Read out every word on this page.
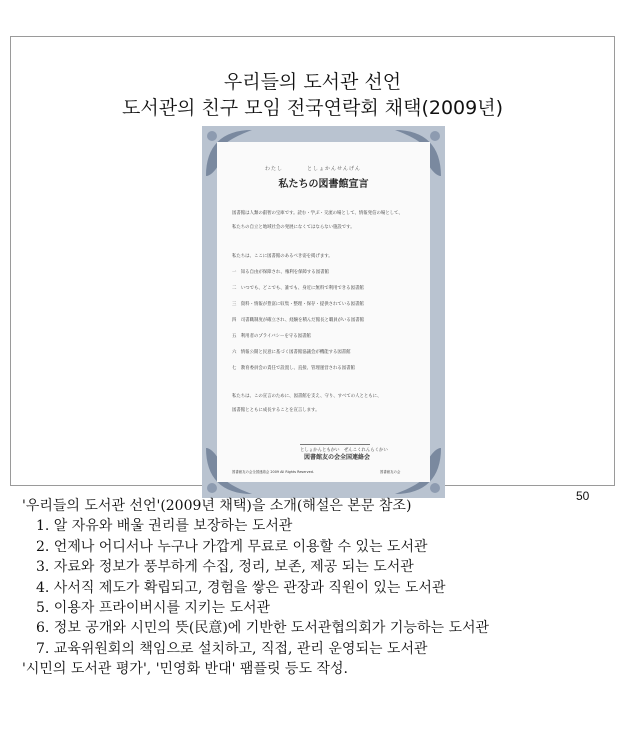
우리들의 도서관 선언
도서관의 친구 모임 전국연락회 채택(2009년)
わたし　　　　としょかんせんげん
私たちの図書館宣言
図書館は人類の叡智の宝庫です。読む・学ぶ・交流の場として、情報発信の場として、
私たちの自立と地域社会の発展になくてはならない施設です。
私たちは、ここに図書館のあるべき姿を掲げます。
一　知る自由が保障され、権利を保障する図書館
二　いつでも、どこでも、誰でも、身近に無料で利用できる図書館
三　資料・情報が豊富に収集・整理・保存・提供されている図書館
四　司書職制度が確立され、経験を積んだ館長と職員がいる図書館
五　利用者のプライバシーを守る図書館
六　情報公開と民意に基づく図書館協議会が機能する図書館
七　教育委員会の責任で設置し、直接、管理運営される図書館
私たちは、この宣言のために、図書館を支え、守り、すべての人とともに、
図書館とともに成長することを宣言します。
としょかんともかい　ぜんこくれんらくかい
図書館友の会全国連絡会
図書館友の会全国連絡会 2009 All Rights Reserved.	図書館友の会
50
'우리들의 도서관 선언'(2009년 채택)을 소개(해설은 본문 참조)
1. 알 자유와 배울 권리를 보장하는 도서관
2. 언제나 어디서나 누구나 가깝게 무료로 이용할 수 있는 도서관
3. 자료와 정보가 풍부하게 수집, 정리, 보존, 제공 되는 도서관
4. 사서직 제도가 확립되고, 경험을 쌓은 관장과 직원이 있는 도서관
5. 이용자 프라이버시를 지키는 도서관
6. 정보 공개와 시민의 뜻(民意)에 기반한 도서관협의회가 기능하는 도서관
7. 교육위원회의 책임으로 설치하고, 직접, 관리 운영되는 도서관
'시민의 도서관 평가', '민영화 반대' 팸플릿 등도 작성.
